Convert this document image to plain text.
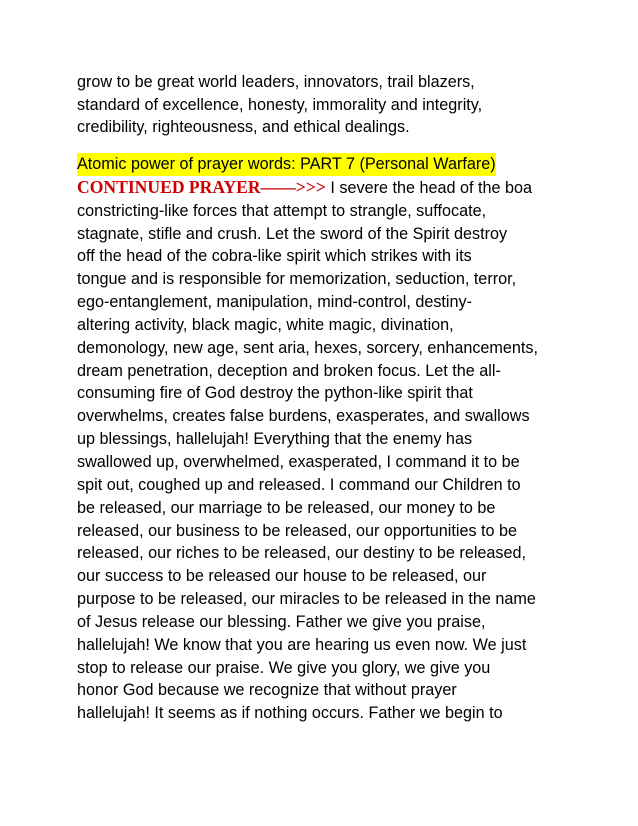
grow to be great world leaders, innovators, trail blazers,
standard of excellence, honesty, immorality and integrity,
credibility, righteousness, and ethical dealings.
Atomic power of prayer words: PART 7 (Personal Warfare)
CONTINUED PRAYER——>>> I severe the head of the boa
constricting-like forces that attempt to strangle, suffocate,
stagnate, stifle and crush. Let the sword of the Spirit destroy
off the head of the cobra-like spirit which strikes with its
tongue and is responsible for memorization, seduction, terror,
ego-entanglement, manipulation, mind-control, destiny-
altering activity, black magic, white magic, divination,
demonology, new age, sent aria, hexes, sorcery, enhancements,
dream penetration, deception and broken focus. Let the all-
consuming fire of God destroy the python-like spirit that
overwhelms, creates false burdens, exasperates, and swallows
up blessings, hallelujah! Everything that the enemy has
swallowed up, overwhelmed, exasperated, I command it to be
spit out, coughed up and released. I command our Children to
be released, our marriage to be released, our money to be
released, our business to be released, our opportunities to be
released, our riches to be released, our destiny to be released,
our success to be released our house to be released, our
purpose to be released, our miracles to be released in the name
of Jesus release our blessing. Father we give you praise,
hallelujah! We know that you are hearing us even now. We just
stop to release our praise. We give you glory, we give you
honor God because we recognize that without prayer
hallelujah! It seems as if nothing occurs. Father we begin to
